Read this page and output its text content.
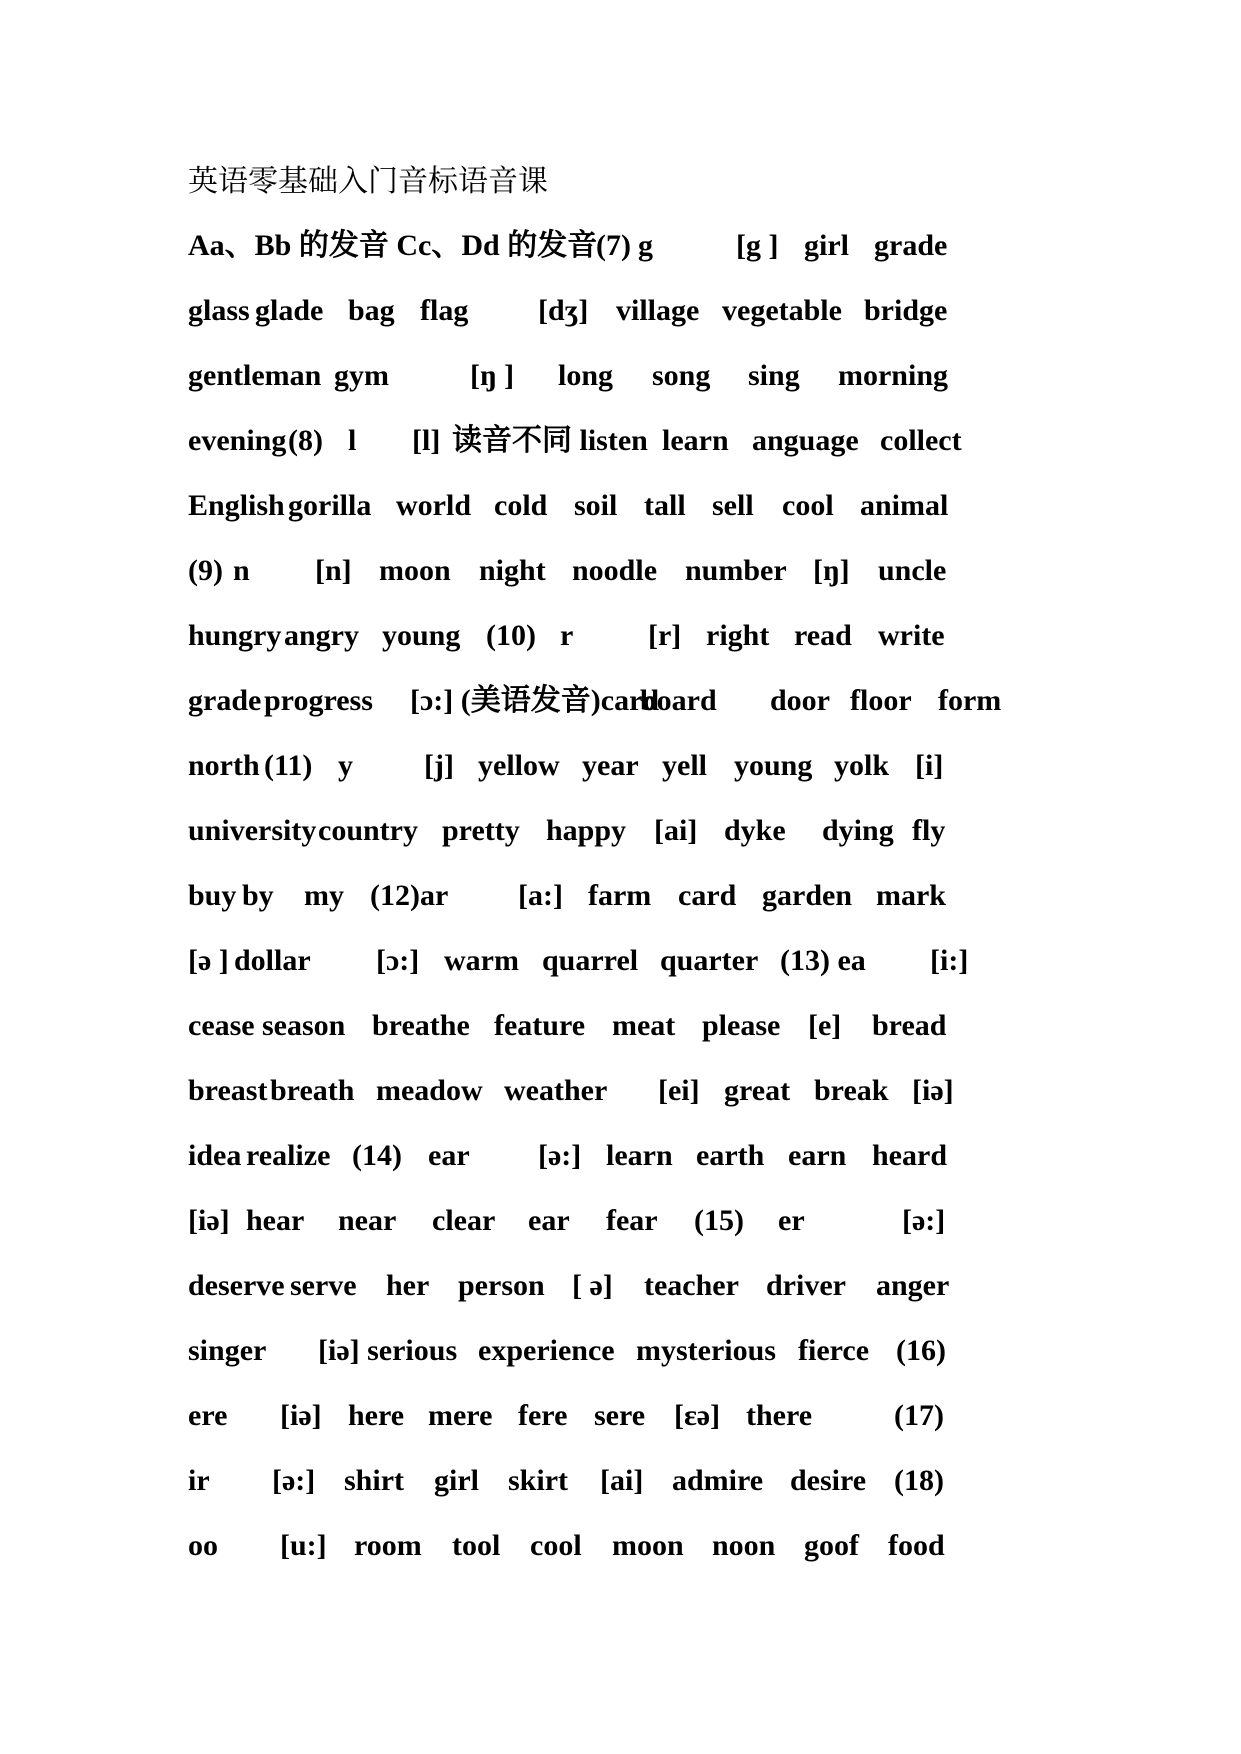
英语零基础入门音标语音课
Aa、Bb 的发音 Cc、Dd 的发音
(7) g	[g ] girl grade
glass glade bag flag [dʒ] village vegetable bridge
gentleman gym	[ŋ ] long song sing morning
evening (8) l [l] 读音不同 listen learn anguage collect
English gorilla world cold soil tall sell cool animal
(9) n [n] moon night noodle number [ŋ] uncle
hungry angry young (10) r [r] right read write
grade progress [ɔ:] (美语发音)card
board door floor form
north (11) y [j] yellow year yell young yolk [i]
university country pretty happy [ai] dyke dying fly
buy by my (12)ar [a:] farm card garden mark
[ə ] dollar [ɔ:] warm quarrel quarter (13) ea [i:]
cease season breathe feature meat please [e] bread
breast breath meadow weather [ei] great break [iə]
idea realize (14) ear [ə:] learn earth earn heard
[iə] hear near clear ear fear (15) er	[ə:]
deserve serve her person [ ə] teacher driver anger
singer [iə] serious experience mysterious fierce (16)
ere [iə] here mere fere sere [ɛə] there	(17)
ir [ə:] shirt girl skirt [ai] admire desire (18)
oo [u:] room tool cool moon noon goof food
